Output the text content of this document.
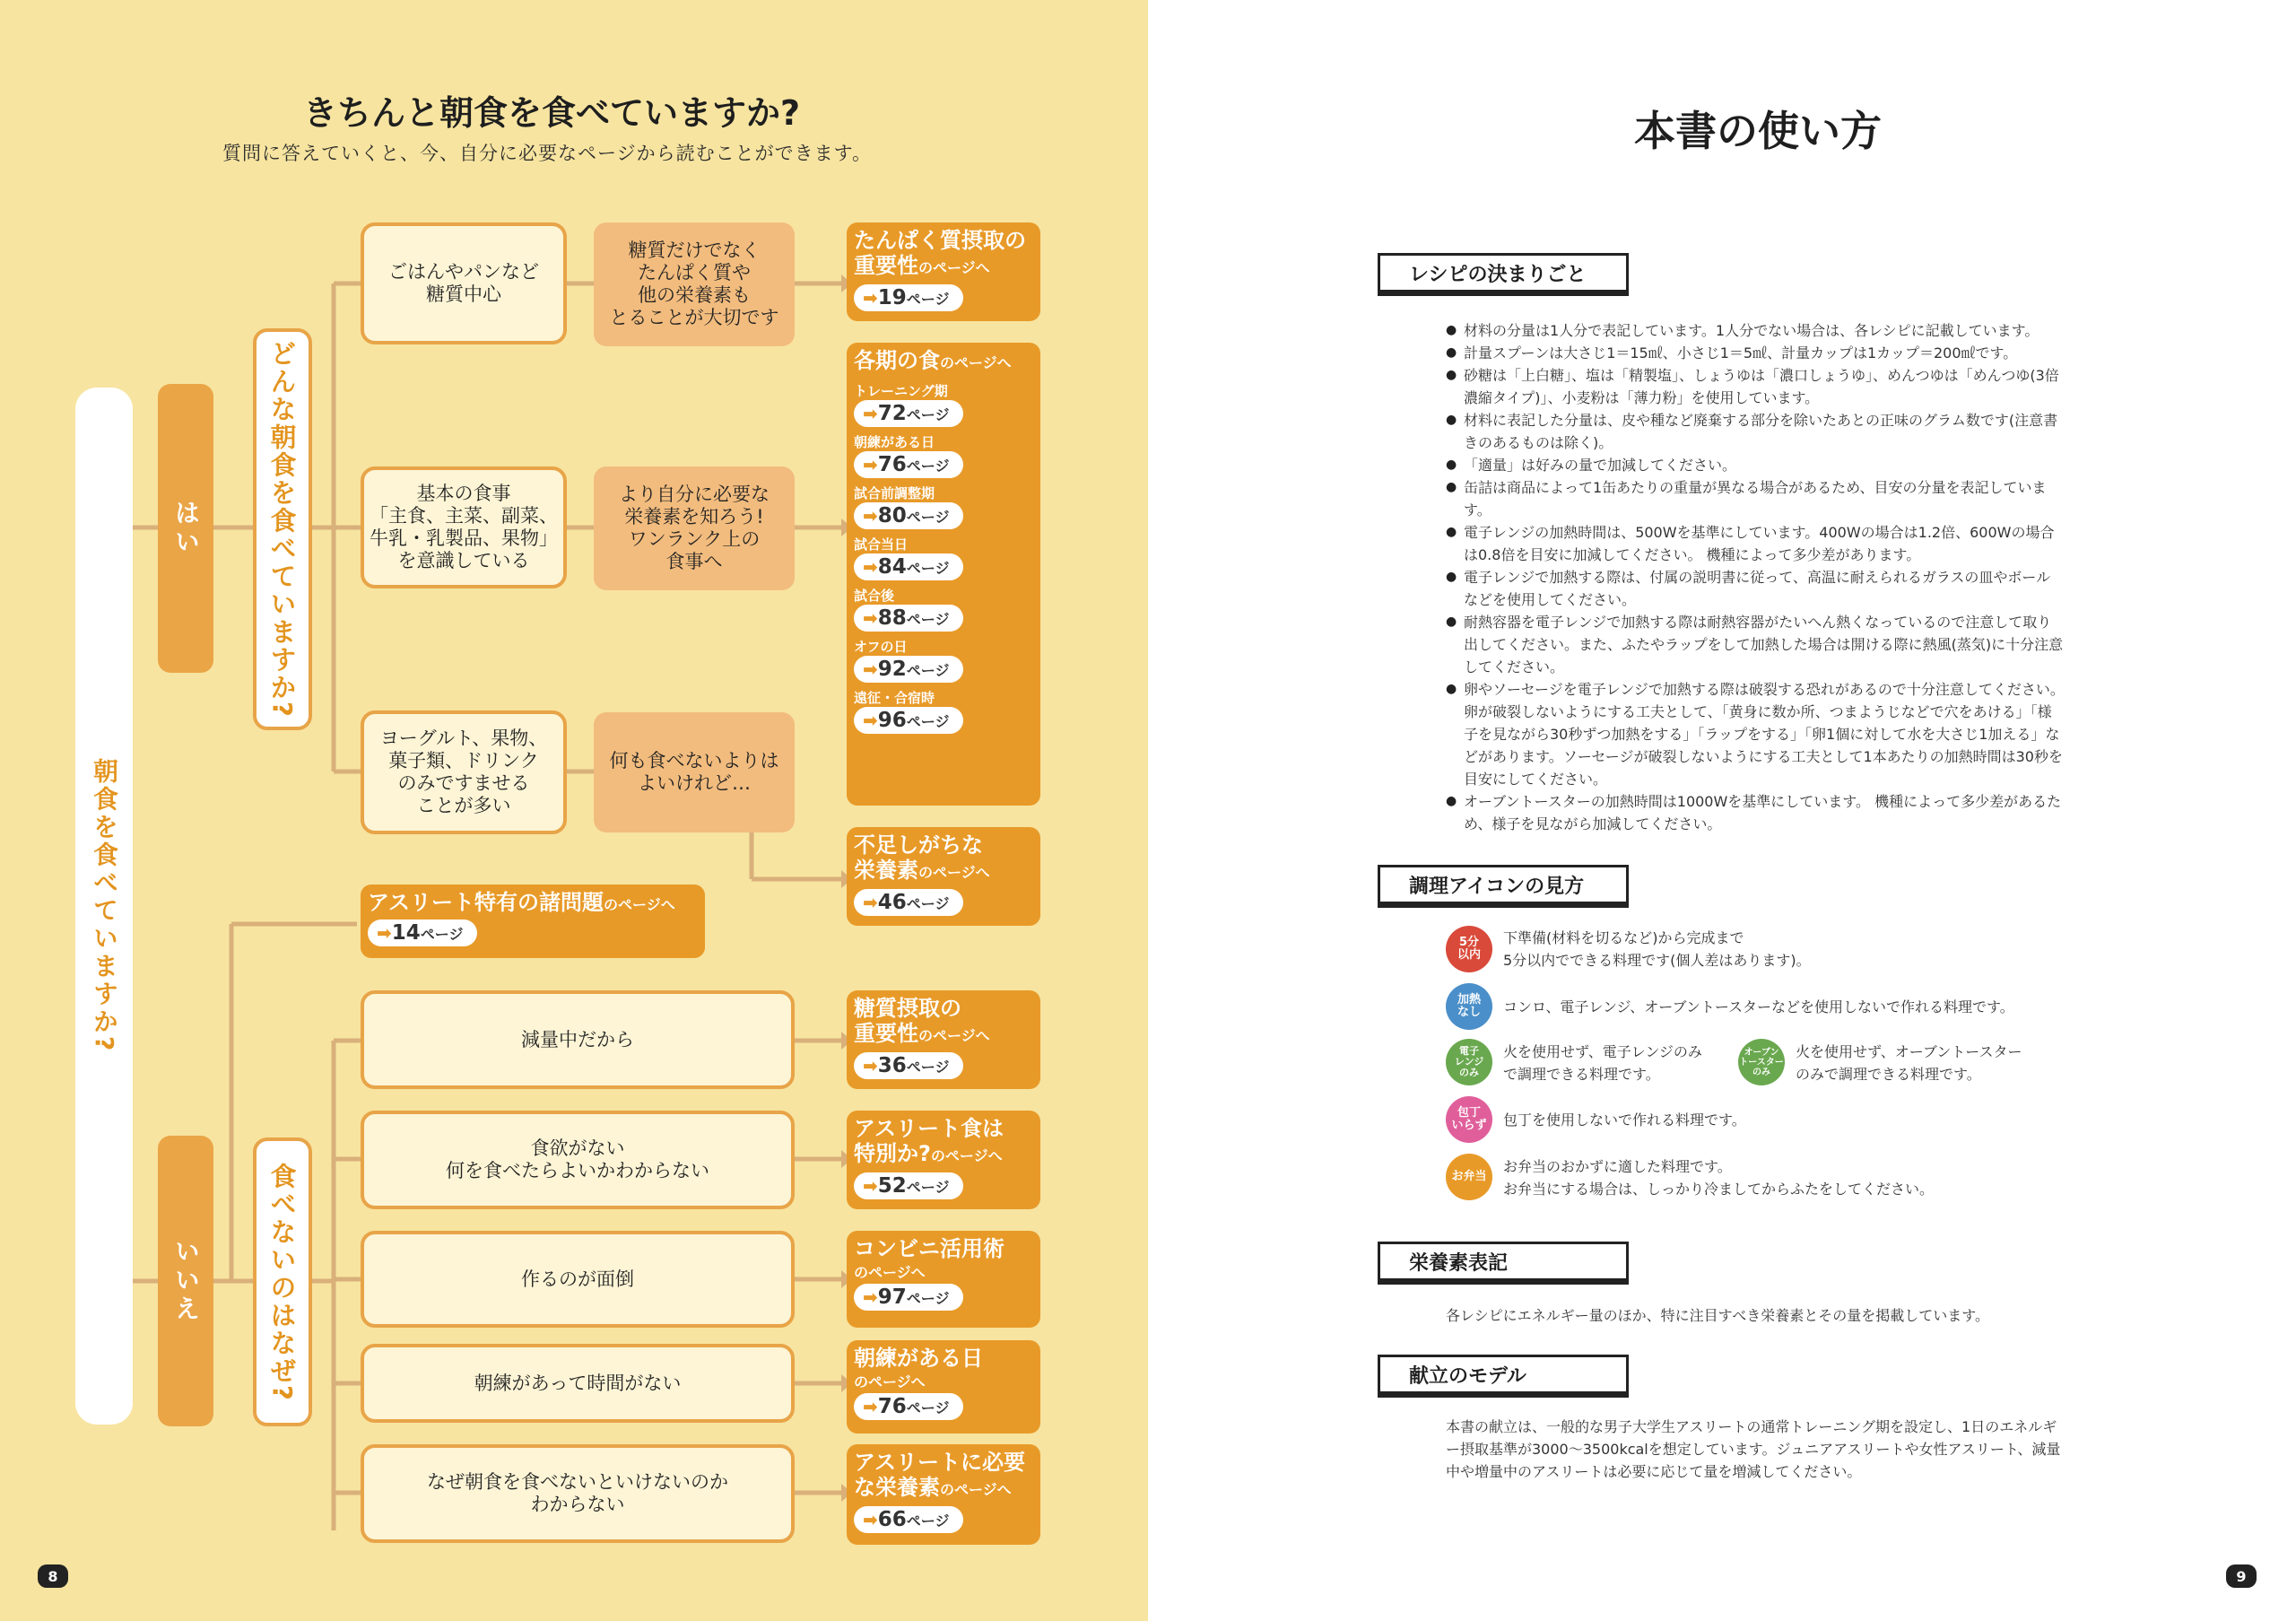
きちんと朝食を食べていますか?
質問に答えていくと、今、自分に必要なページから読むことができます。
朝食を食べていますか?
はい
いいえ
どんな朝食を食べていますか?
食べないのはなぜ?
ごはんやパンなど
糖質中心
基本の食事
「主食、主菜、副菜、
牛乳・乳製品、果物」
を意識している
ヨーグルト、果物、
菓子類、ドリンク
のみですませる
ことが多い
糖質だけでなく
たんぱく質や
他の栄養素も
とることが大切です
より自分に必要な
栄養素を知ろう!
ワンランク上の
食事へ
何も食べないよりは
よいけれど…
たんぱく質摂取の
重要性のページへ
➡19ページ
各期の食のページへ
トレーニング期
➡72ページ
朝練がある日
➡76ページ
試合前調整期
➡80ページ
試合当日
➡84ページ
試合後
➡88ページ
オフの日
➡92ページ
遠征・合宿時
➡96ページ
不足しがちな
栄養素のページへ
➡46ページ
アスリート特有の諸問題のページへ
➡14ページ
減量中だから
食欲がない
何を食べたらよいかわからない
作るのが面倒
朝練があって時間がない
なぜ朝食を食べないといけないのか
わからない
糖質摂取の
重要性のページへ
➡36ページ
アスリート食は
特別か?のページへ
➡52ページ
コンビニ活用術
のページへ
➡97ページ
朝練がある日
のページへ
➡76ページ
アスリートに必要
な栄養素のページへ
➡66ページ
8
本書の使い方
レシピの決まりごと
● 材料の分量は1人分で表記しています。1人分でない場合は、各レシピに記載しています。
● 計量スプーンは大さじ1＝15㎖、小さじ1＝5㎖、計量カップは1カップ＝200㎖です。
● 砂糖は「上白糖」、塩は「精製塩」、しょうゆは「濃口しょうゆ」、めんつゆは「めんつゆ(3倍濃縮タイプ)」、小麦粉は「薄力粉」を使用しています。
● 材料に表記した分量は、皮や種など廃棄する部分を除いたあとの正味のグラム数です(注意書きのあるものは除く)。
● 「適量」は好みの量で加減してください。
● 缶詰は商品によって1缶あたりの重量が異なる場合があるため、目安の分量を表記しています。
● 電子レンジの加熱時間は、500Wを基準にしています。400Wの場合は1.2倍、600Wの場合は0.8倍を目安に加減してください。 機種によって多少差があります。
● 電子レンジで加熱する際は、付属の説明書に従って、高温に耐えられるガラスの皿やボールなどを使用してください。
● 耐熱容器を電子レンジで加熱する際は耐熱容器がたいへん熱くなっているので注意して取り出してください。また、ふたやラップをして加熱した場合は開ける際に熱風(蒸気)に十分注意してください。
● 卵やソーセージを電子レンジで加熱する際は破裂する恐れがあるので十分注意してください。 卵が破裂しないようにする工夫として、「黄身に数か所、つまようじなどで穴をあける」「様子を見ながら30秒ずつ加熱をする」「ラップをする」「卵1個に対して水を大さじ1加える」などがあります。ソーセージが破裂しないようにする工夫として1本あたりの加熱時間は30秒を目安にしてください。
● オーブントースターの加熱時間は1000Wを基準にしています。 機種によって多少差があるため、様子を見ながら加減してください。
調理アイコンの見方
5分
以内
下準備(材料を切るなど)から完成まで
5分以内でできる料理です(個人差はあります)。
加熱
なし	コンロ、電子レンジ、オーブントースターなどを使用しないで作れる料理です。
電子
レンジ
のみ
火を使用せず、電子レンジのみ
で調理できる料理です。
オーブン
トースター
のみ
火を使用せず、オーブントースター
のみで調理できる料理です。
包丁
いらず	包丁を使用しないで作れる料理です。
お弁当
お弁当のおかずに適した料理です。
お弁当にする場合は、しっかり冷ましてからふたをしてください。
栄養素表記
各レシピにエネルギー量のほか、特に注目すべき栄養素とその量を掲載しています。
献立のモデル
本書の献立は、一般的な男子大学生アスリートの通常トレーニング期を設定し、1日のエネルギー摂取基準が3000〜3500kcalを想定しています。ジュニアアスリートや女性アスリート、減量中や増量中のアスリートは必要に応じて量を増減してください。
9
